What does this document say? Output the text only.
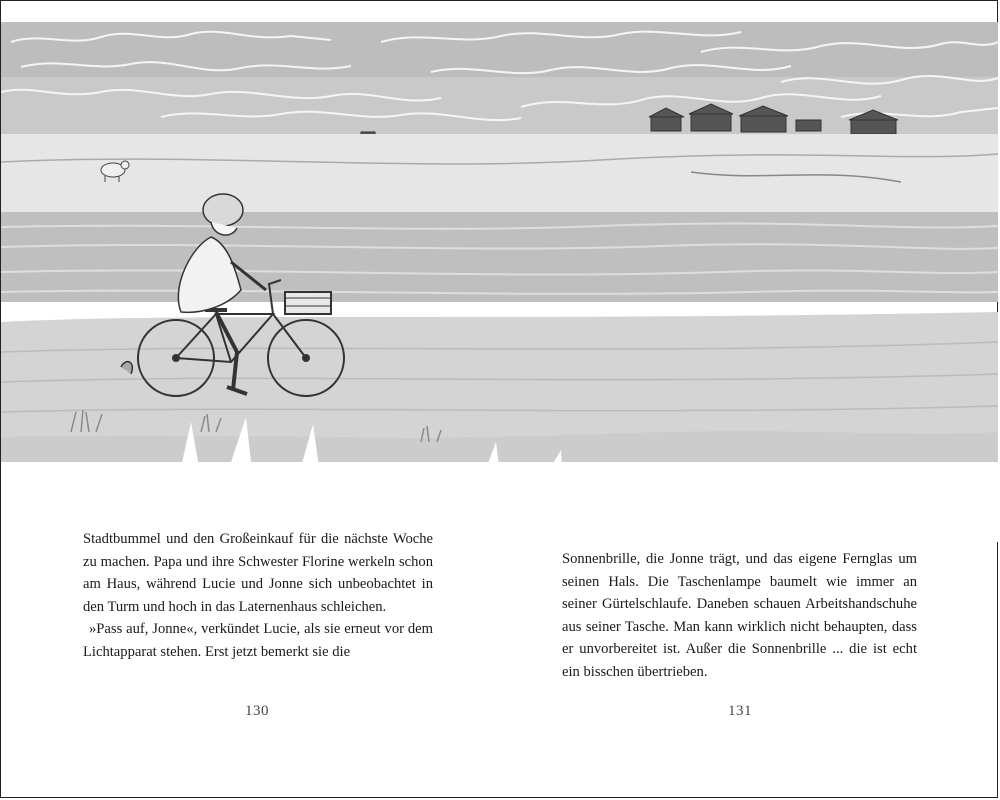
Stadtbummel und den Großeinkauf für die nächste Woche zu machen. Papa und ihre Schwester Florine werkeln schon am Haus, während Lucie und Jonne sich unbeobachtet in den Turm und hoch in das Laternenhaus schleichen.

»Pass auf, Jonne«, verkündet Lucie, als sie erneut vor dem Lichtapparat stehen. Erst jetzt bemerkt sie die

130

Sonnenbrille, die Jonne trägt, und das eigene Fernglas um seinen Hals. Die Taschenlampe baumelt wie immer an seiner Gürtelschlaufe. Daneben schauen Arbeitshandschuhe aus seiner Tasche. Man kann wirklich nicht behaupten, dass er unvorbereitet ist. Außer die Sonnenbrille ... die ist echt ein bisschen übertrieben.

131
